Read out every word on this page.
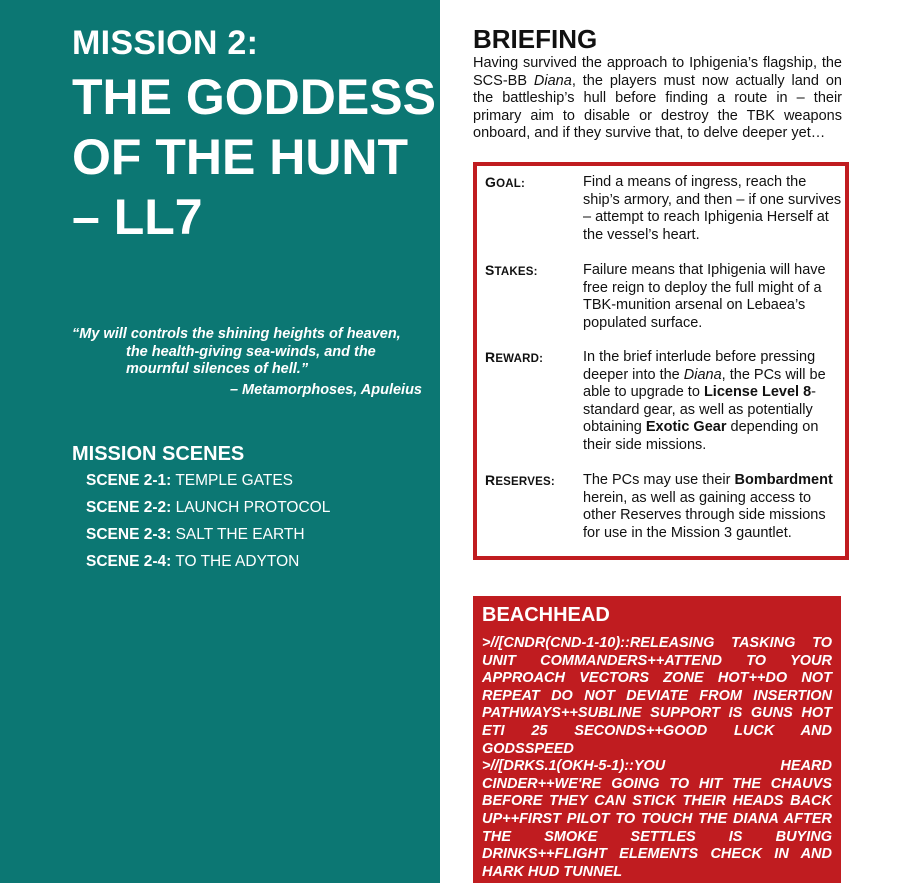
MISSION 2:
THE GODDESS OF THE HUNT – LL7
“My will controls the shining heights of heaven,
the health-giving sea-winds, and the
mournful silences of hell.”
– Metamorphoses, Apuleius
MISSION SCENES
SCENE 2-1: TEMPLE GATES
SCENE 2-2: LAUNCH PROTOCOL
SCENE 2-3: SALT THE EARTH
SCENE 2-4: TO THE ADYTON
BRIEFING

Having survived the approach to Iphigenia’s flagship, the SCS-BB Diana, the players must now actually land on the battleship’s hull before finding a route in – their primary aim to disable or destroy the TBK weapons onboard, and if they survive that, to delve deeper yet…

GOAL:	Find a means of ingress, reach the ship’s armory, and then – if one survives – attempt to reach Iphigenia Herself at the vessel’s heart.
STAKES:	Failure means that Iphigenia will have free reign to deploy the full might of a TBK-munition arsenal on Lebaea’s populated surface.
REWARD:	In the brief interlude before pressing deeper into the Diana, the PCs will be able to upgrade to License Level 8-standard gear, as well as potentially obtaining Exotic Gear depending on their side missions.
RESERVES:	The PCs may use their Bombardment herein, as well as gaining access to other Reserves through side missions for use in the Mission 3 gauntlet.
BEACHHEAD
>//[CNDR(CND-1-10)::RELEASING TASKING TO UNIT COMMANDERS++ATTEND TO YOUR APPROACH VECTORS ZONE HOT++DO NOT REPEAT DO NOT DEVIATE FROM INSERTION PATHWAYS++SUBLINE SUPPORT IS GUNS HOT ETI 25 SECONDS++GOOD LUCK AND GODSSPEED
>//[DRKS.1(OKH-5-1)::YOU HEARD CINDER++WE'RE GOING TO HIT THE CHAUVS BEFORE THEY CAN STICK THEIR HEADS BACK UP++FIRST PILOT TO TOUCH THE DIANA AFTER THE SMOKE SETTLES IS BUYING DRINKS++FLIGHT ELEMENTS CHECK IN AND HARK HUD TUNNEL
